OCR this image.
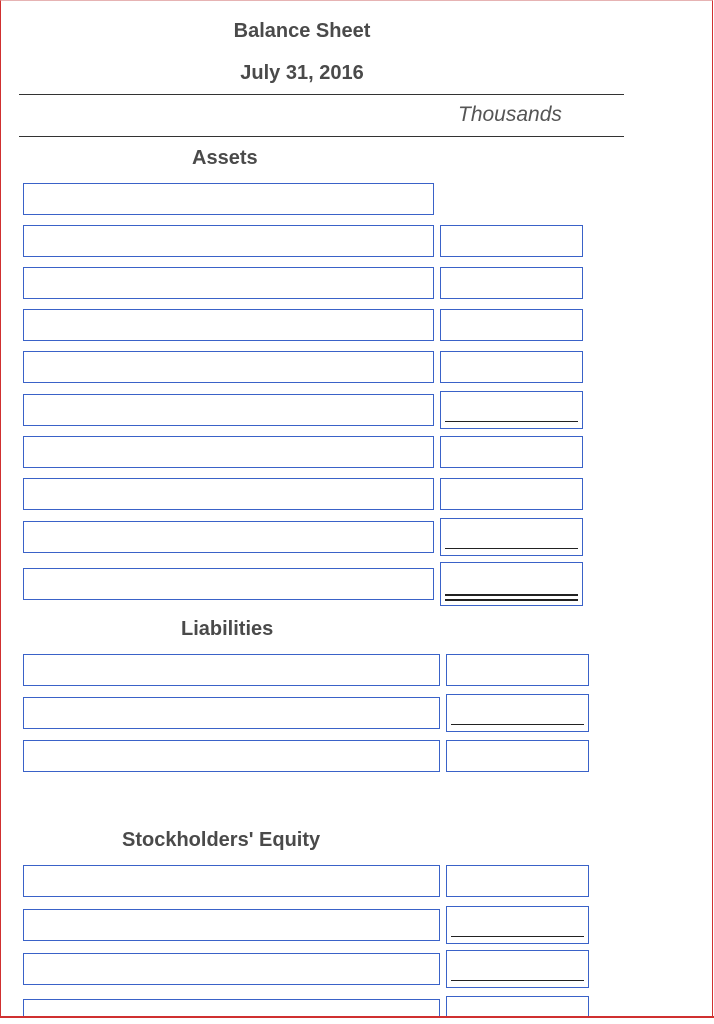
Balance Sheet
July 31, 2016
Thousands
Assets
Liabilities
Stockholders' Equity
